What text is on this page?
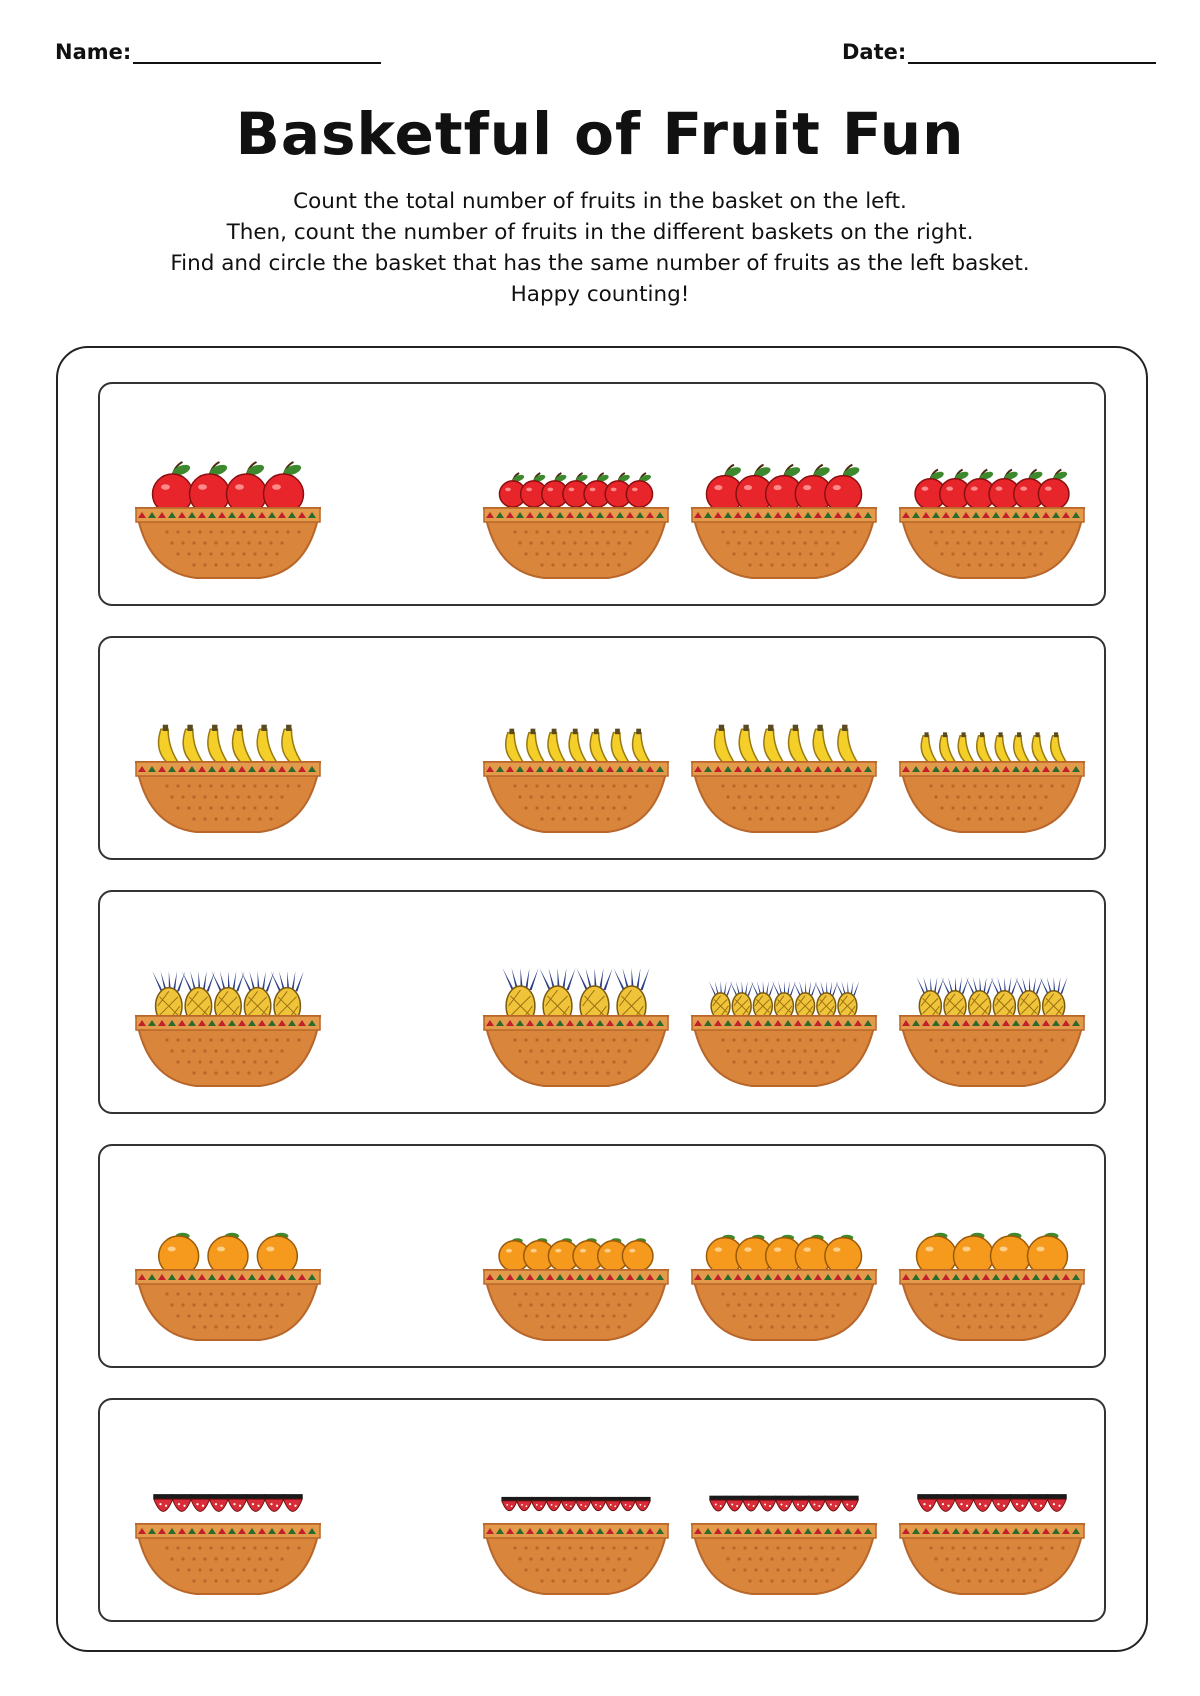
Name:	Date:
Basketful of Fruit Fun
Count the total number of fruits in the basket on the left.
Then, count the number of fruits in the different baskets on the right.
Find and circle the basket that has the same number of fruits as the left basket.
Happy counting!
